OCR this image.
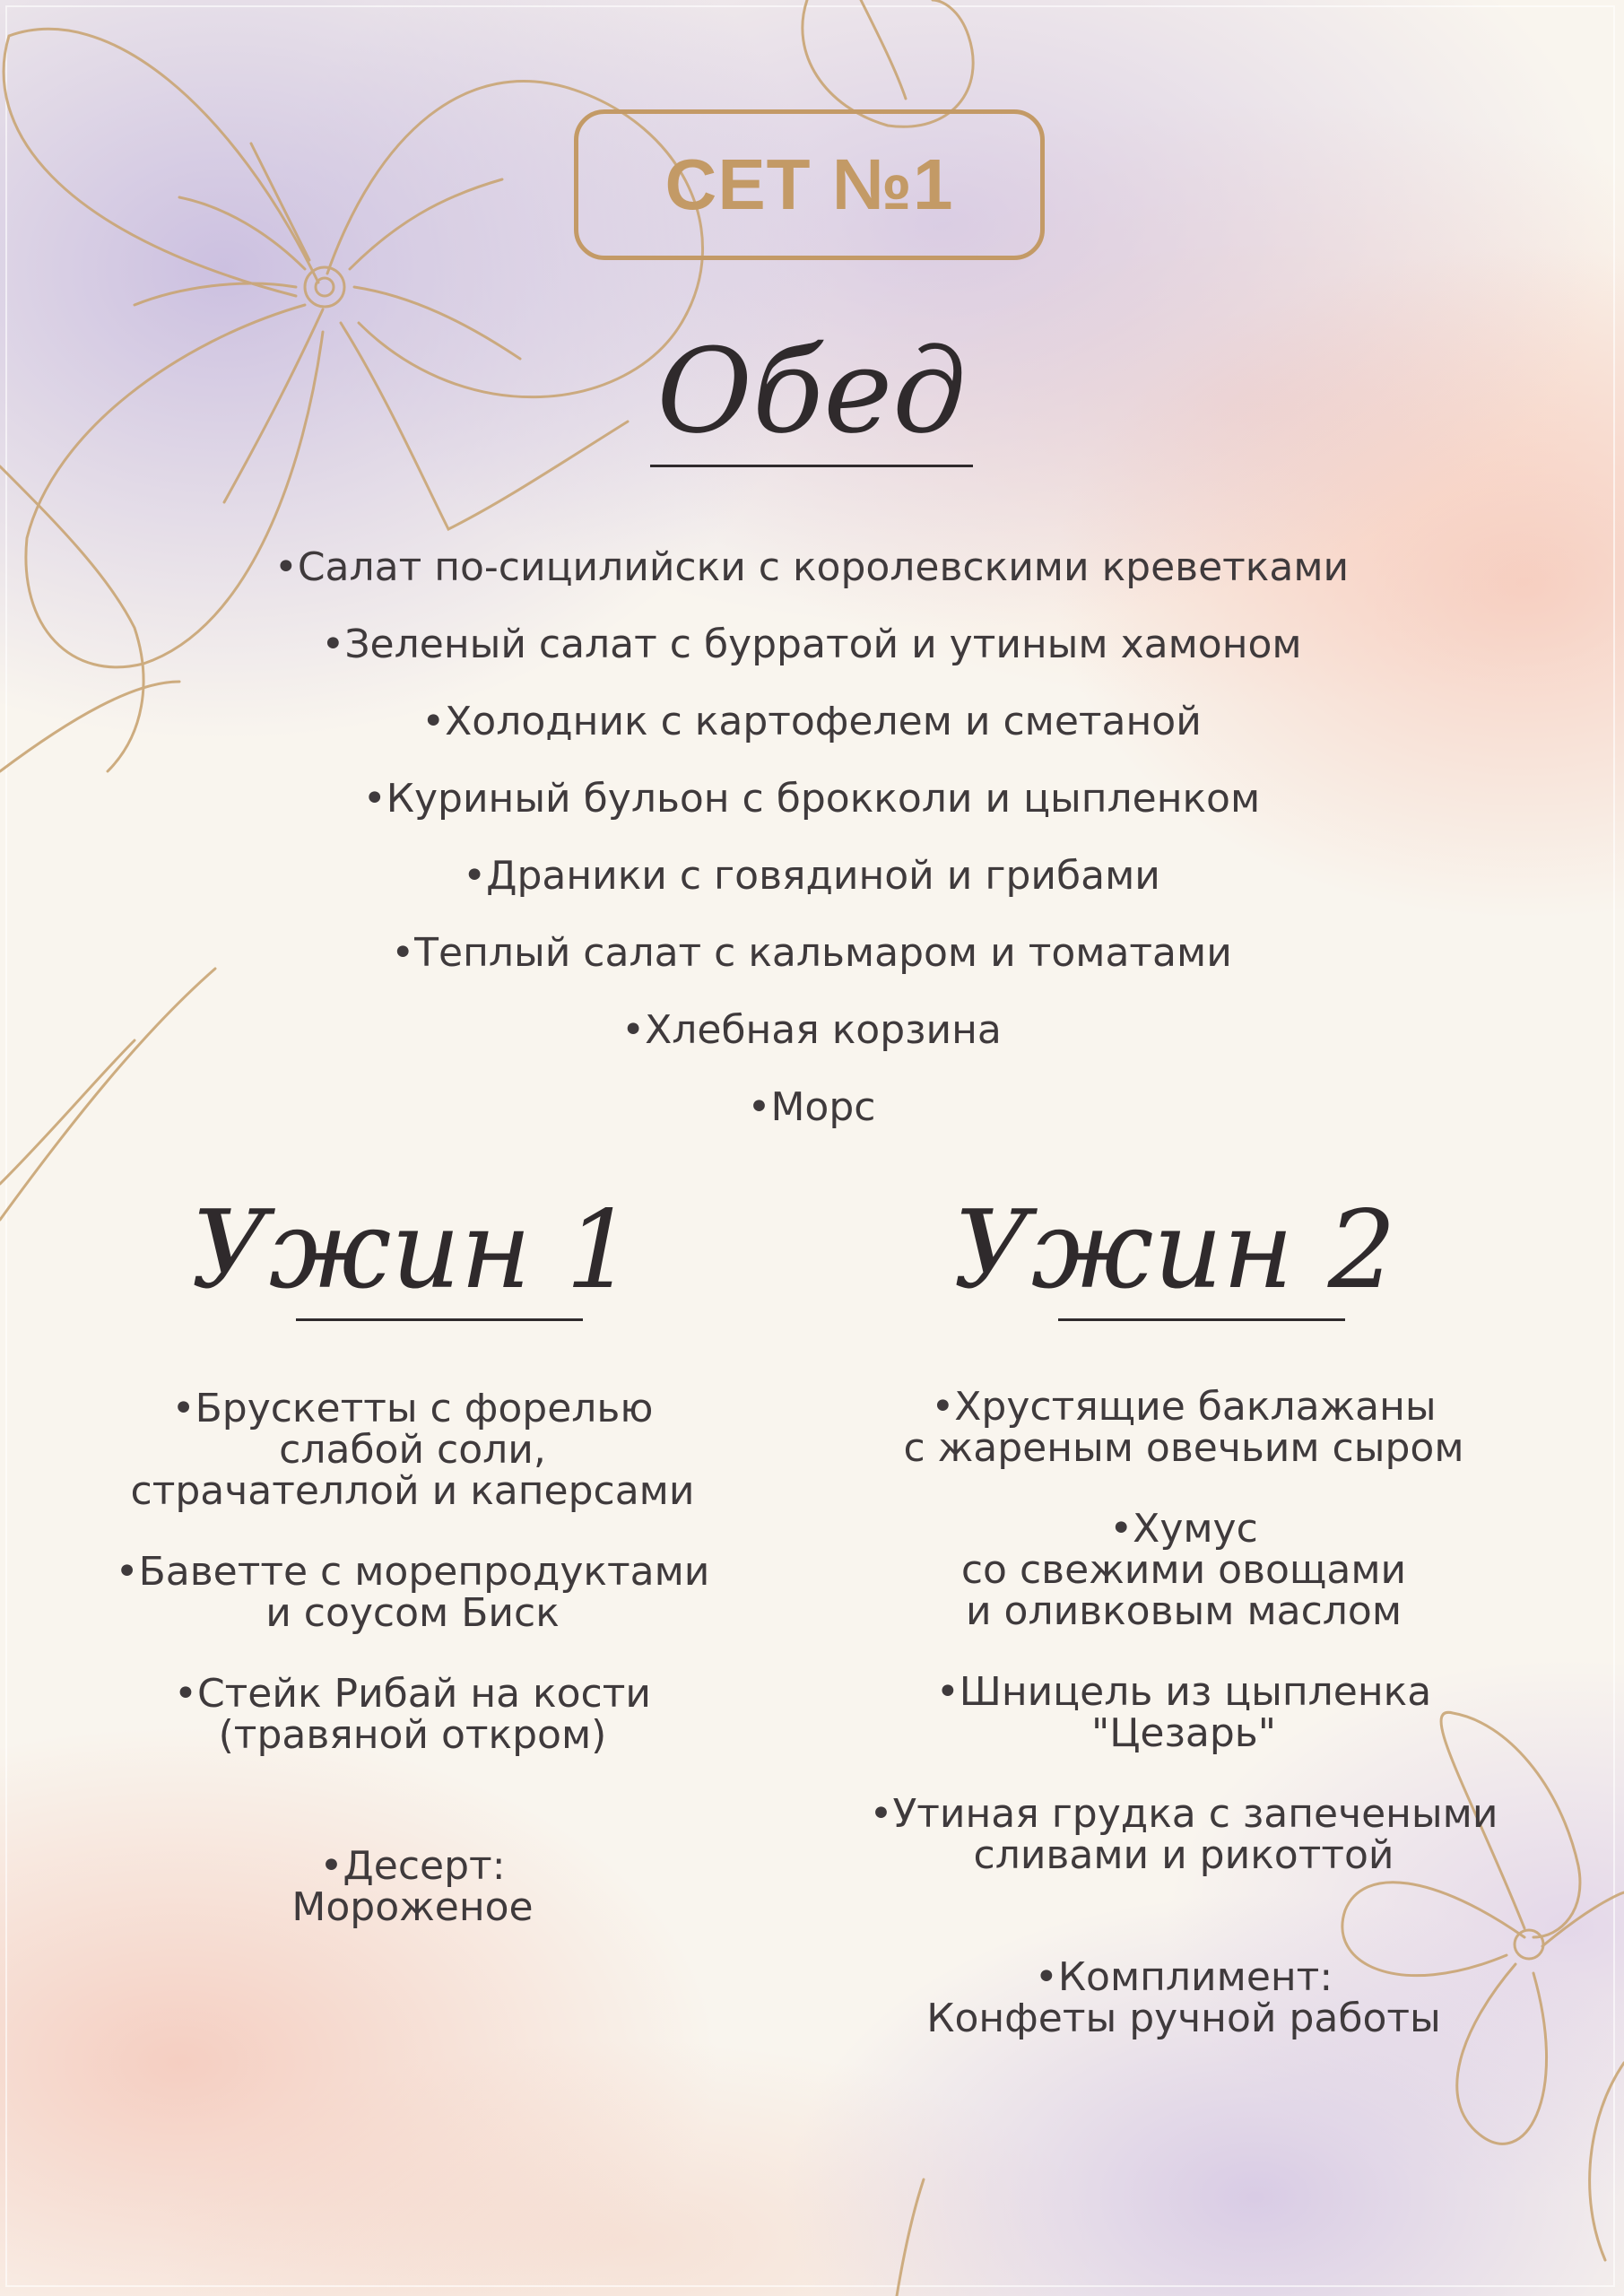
СЕТ №1
Обед
•Салат по-сицилийски с королевскими креветками
•Зеленый салат с бурратой и утиным хамоном
•Холодник с картофелем и сметаной
•Куриный бульон с брокколи и цыпленком
•Драники с говядиной и грибами
•Теплый салат с кальмаром и томатами
•Хлебная корзина
•Морс
Ужин 1	Ужин 2
•Брускетты с форелью
слабой соли,
страчателлой и каперсами
•Баветте с морепродуктами
и соусом Биск
•Стейк Рибай на кости
(травяной откром)
•Десерт:
Мороженое
•Хрустящие баклажаны
с жареным овечьим сыром
•Хумус
со свежими овощами
и оливковым маслом
•Шницель из цыпленка
"Цезарь"
•Утиная грудка с запечеными
сливами и рикоттой
•Комплимент:
Конфеты ручной работы
